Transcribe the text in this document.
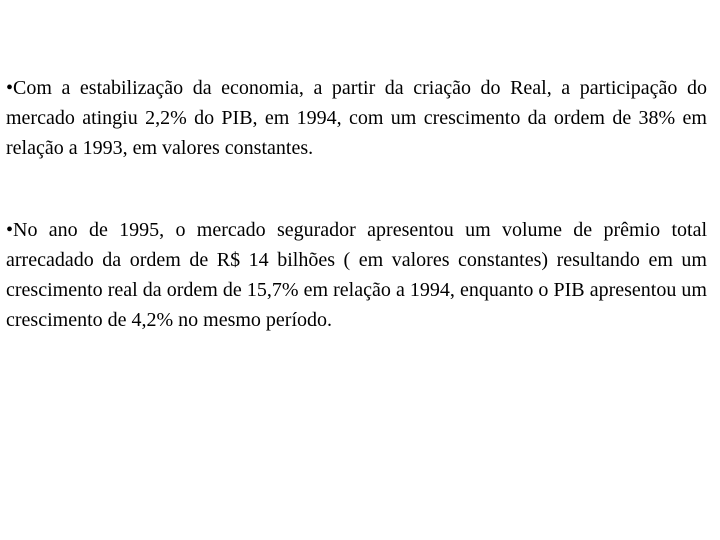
•Com a estabilização da economia, a partir da criação do Real, a participação do mercado atingiu 2,2% do PIB, em 1994, com um crescimento da ordem de 38% em relação a 1993, em valores constantes.

•No ano de 1995, o mercado segurador apresentou um volume de prêmio total arrecadado da ordem de R$ 14 bilhões ( em valores constantes) resultando em um crescimento real da ordem de 15,7% em relação a 1994, enquanto o PIB apresentou um crescimento de 4,2% no mesmo período.
